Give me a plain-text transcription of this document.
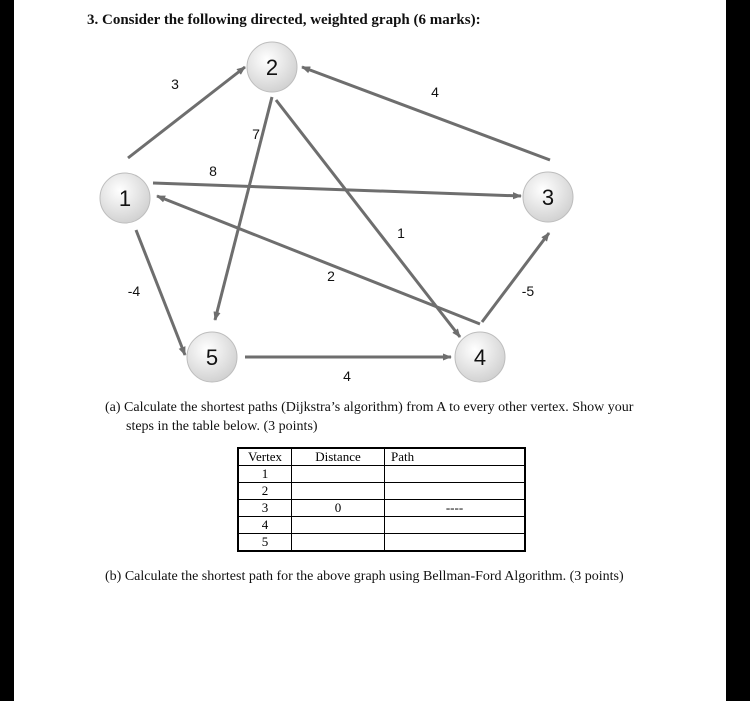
3. Consider the following directed, weighted graph (6 marks):
3	4
7
8
1
2
-4	-5
4
1
2
3
4
5
(a) Calculate the shortest paths (Dijkstra’s algorithm) from A to every other vertex. Show your
steps in the table below. (3 points)
Vertex	Distance	Path
1		
2		
3	0	----
4		
5		
(b) Calculate the shortest path for the above graph using Bellman-Ford Algorithm. (3 points)
